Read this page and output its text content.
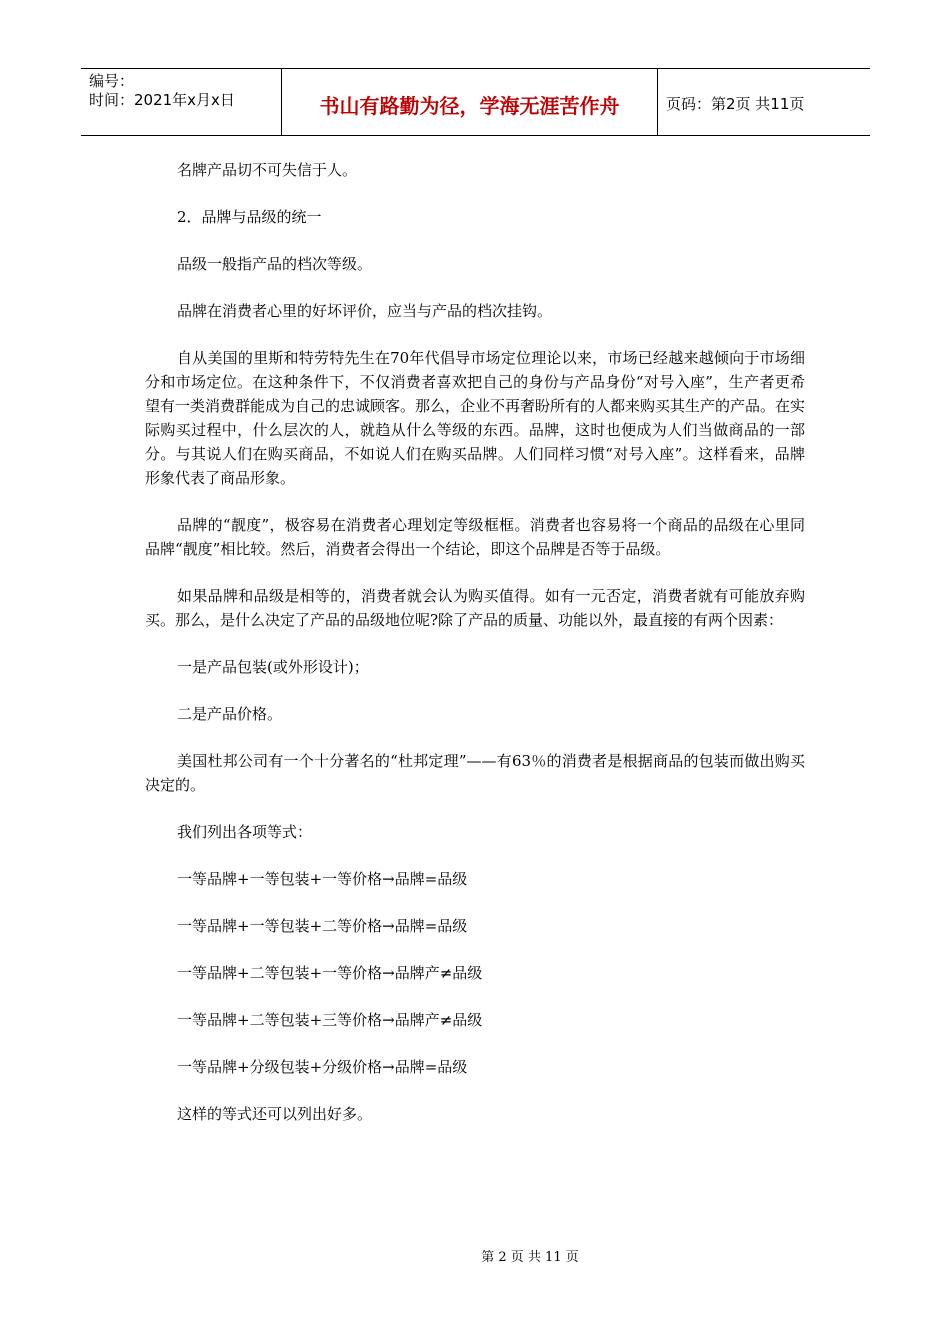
编号：
时间：2021年x月x日	书山有路勤为径，学海无涯苦作舟	页码：第2页 共11页

名牌产品切不可失信于人。

2．品牌与品级的统一

品级一般指产品的档次等级。

品牌在消费者心里的好坏评价，应当与产品的档次挂钩。

自从美国的里斯和特劳特先生在70年代倡导市场定位理论以来，市场已经越来越倾向于市场细分和市场定位。在这种条件下，不仅消费者喜欢把自己的身份与产品身份“对号入座”，生产者更希望有一类消费群能成为自己的忠诚顾客。那么，企业不再奢盼所有的人都来购买其生产的产品。在实际购买过程中，什么层次的人，就趋从什么等级的东西。品牌，这时也便成为人们当做商品的一部分。与其说人们在购买商品，不如说人们在购买品牌。人们同样习惯“对号入座”。这样看来，品牌形象代表了商品形象。

品牌的“靓度”，极容易在消费者心理划定等级框框。消费者也容易将一个商品的品级在心里同品牌“靓度”相比较。然后，消费者会得出一个结论，即这个品牌是否等于品级。

如果品牌和品级是相等的，消费者就会认为购买值得。如有一元否定，消费者就有可能放弃购买。那么，是什么决定了产品的品级地位呢?除了产品的质量、功能以外，最直接的有两个因素：

一是产品包装(或外形设计)；

二是产品价格。

美国杜邦公司有一个十分著名的“杜邦定理”——有63％的消费者是根据商品的包装而做出购买决定的。

我们列出各项等式：

一等品牌+一等包装+一等价格→品牌=品级

一等品牌+一等包装+二等价格→品牌=品级

一等品牌+二等包装+一等价格→品牌产≠品级

一等品牌+二等包装+三等价格→品牌产≠品级

一等品牌+分级包装+分级价格→品牌=品级

这样的等式还可以列出好多。

第 2 页 共 11 页
